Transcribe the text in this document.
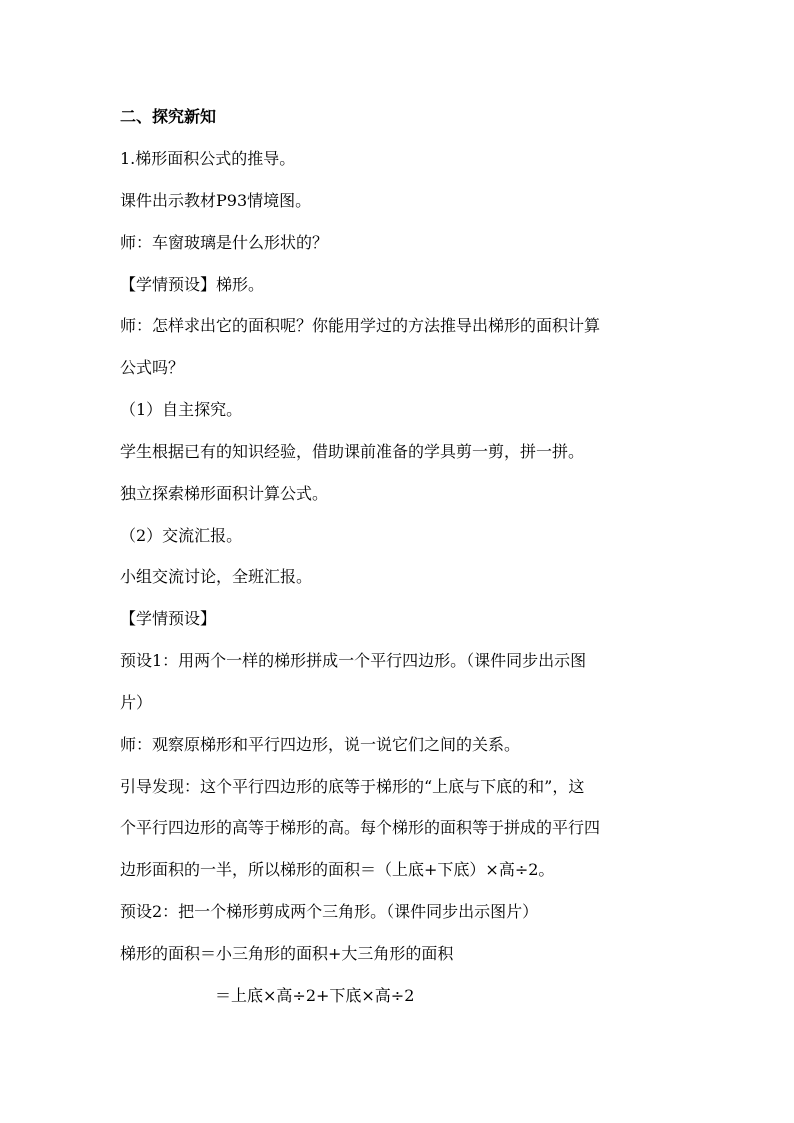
二、探究新知
1.梯形面积公式的推导。
课件出示教材P93情境图。
师：车窗玻璃是什么形状的？
【学情预设】梯形。
师：怎样求出它的面积呢？你能用学过的方法推导出梯形的面积计算
公式吗？
（1）自主探究。
学生根据已有的知识经验，借助课前准备的学具剪一剪，拼一拼。
独立探索梯形面积计算公式。
（2）交流汇报。
小组交流讨论，全班汇报。
【学情预设】
预设1：用两个一样的梯形拼成一个平行四边形。（课件同步出示图
片）
师：观察原梯形和平行四边形，说一说它们之间的关系。
引导发现：这个平行四边形的底等于梯形的“上底与下底的和”，这
个平行四边形的高等于梯形的高。每个梯形的面积等于拼成的平行四
边形面积的一半，所以梯形的面积＝（上底+下底）×高÷2。
预设2：把一个梯形剪成两个三角形。（课件同步出示图片）
梯形的面积＝小三角形的面积+大三角形的面积
＝上底×高÷2+下底×高÷2
